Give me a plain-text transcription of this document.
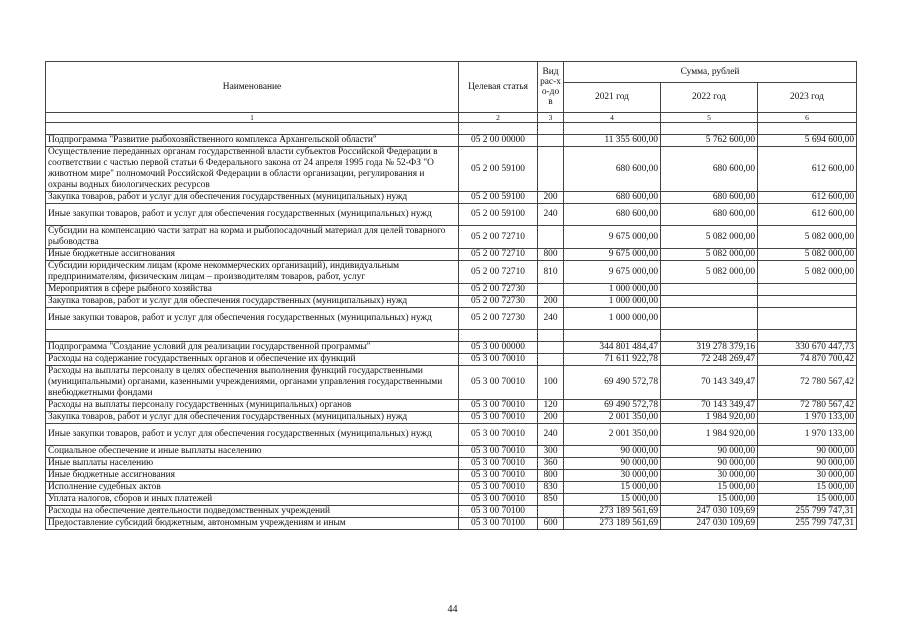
Наименование	Целевая статья	Вид рас-хо-дов	Сумма, рублей		
			2021 год	2022 год	2023 год
1	2	3	4	5	6

Подпрограмма "Развитие рыбохозяйственного комплекса Архангельской области"	05 2 00 00000		11 355 600,00	5 762 600,00	5 694 600,00
Осуществление переданных органам государственной власти субъектов Российской Федерации в соответствии с частью первой статьи 6 Федерального закона от 24 апреля 1995 года № 52-ФЗ "О животном мире" полномочий Российской Федерации в области организации, регулирования и охраны водных биологических ресурсов	05 2 00 59100		680 600,00	680 600,00	612 600,00
Закупка товаров, работ и услуг для обеспечения государственных (муниципальных) нужд	05 2 00 59100	200	680 600,00	680 600,00	612 600,00
Иные закупки товаров, работ и услуг для обеспечения государственных (муниципальных) нужд	05 2 00 59100	240	680 600,00	680 600,00	612 600,00
Субсидии на компенсацию части затрат на корма и рыбопосадочный материал для целей товарного рыбоводства	05 2 00 72710		9 675 000,00	5 082 000,00	5 082 000,00
Иные бюджетные ассигнования	05 2 00 72710	800	9 675 000,00	5 082 000,00	5 082 000,00
Субсидии юридическим лицам (кроме некоммерческих организаций), индивидуальным предпринимателям, физическим лицам – производителям товаров, работ, услуг	05 2 00 72710	810	9 675 000,00	5 082 000,00	5 082 000,00
Мероприятия в сфере рыбного хозяйства	05 2 00 72730		1 000 000,00		
Закупка товаров, работ и услуг для обеспечения государственных (муниципальных) нужд	05 2 00 72730	200	1 000 000,00		
Иные закупки товаров, работ и услуг для обеспечения государственных (муниципальных) нужд	05 2 00 72730	240	1 000 000,00		

Подпрограмма "Создание условий для реализации государственной программы"	05 3 00 00000		344 801 484,47	319 278 379,16	330 670 447,73
Расходы на содержание государственных органов и обеспечение их функций	05 3 00 70010		71 611 922,78	72 248 269,47	74 870 700,42
Расходы на выплаты персоналу в целях обеспечения выполнения функций государственными (муниципальными) органами, казенными учреждениями, органами управления государственными внебюджетными фондами	05 3 00 70010	100	69 490 572,78	70 143 349,47	72 780 567,42
Расходы на выплаты персоналу государственных (муниципальных) органов	05 3 00 70010	120	69 490 572,78	70 143 349,47	72 780 567,42
Закупка товаров, работ и услуг для обеспечения государственных (муниципальных) нужд	05 3 00 70010	200	2 001 350,00	1 984 920,00	1 970 133,00
Иные закупки товаров, работ и услуг для обеспечения государственных (муниципальных) нужд	05 3 00 70010	240	2 001 350,00	1 984 920,00	1 970 133,00
Социальное обеспечение и иные выплаты населению	05 3 00 70010	300	90 000,00	90 000,00	90 000,00
Иные выплаты населению	05 3 00 70010	360	90 000,00	90 000,00	90 000,00
Иные бюджетные ассигнования	05 3 00 70010	800	30 000,00	30 000,00	30 000,00
Исполнение судебных актов	05 3 00 70010	830	15 000,00	15 000,00	15 000,00
Уплата налогов, сборов и иных платежей	05 3 00 70010	850	15 000,00	15 000,00	15 000,00
Расходы на обеспечение деятельности подведомственных учреждений	05 3 00 70100		273 189 561,69	247 030 109,69	255 799 747,31
Предоставление субсидий бюджетным, автономным учреждениям и иным	05 3 00 70100	600	273 189 561,69	247 030 109,69	255 799 747,31
44
